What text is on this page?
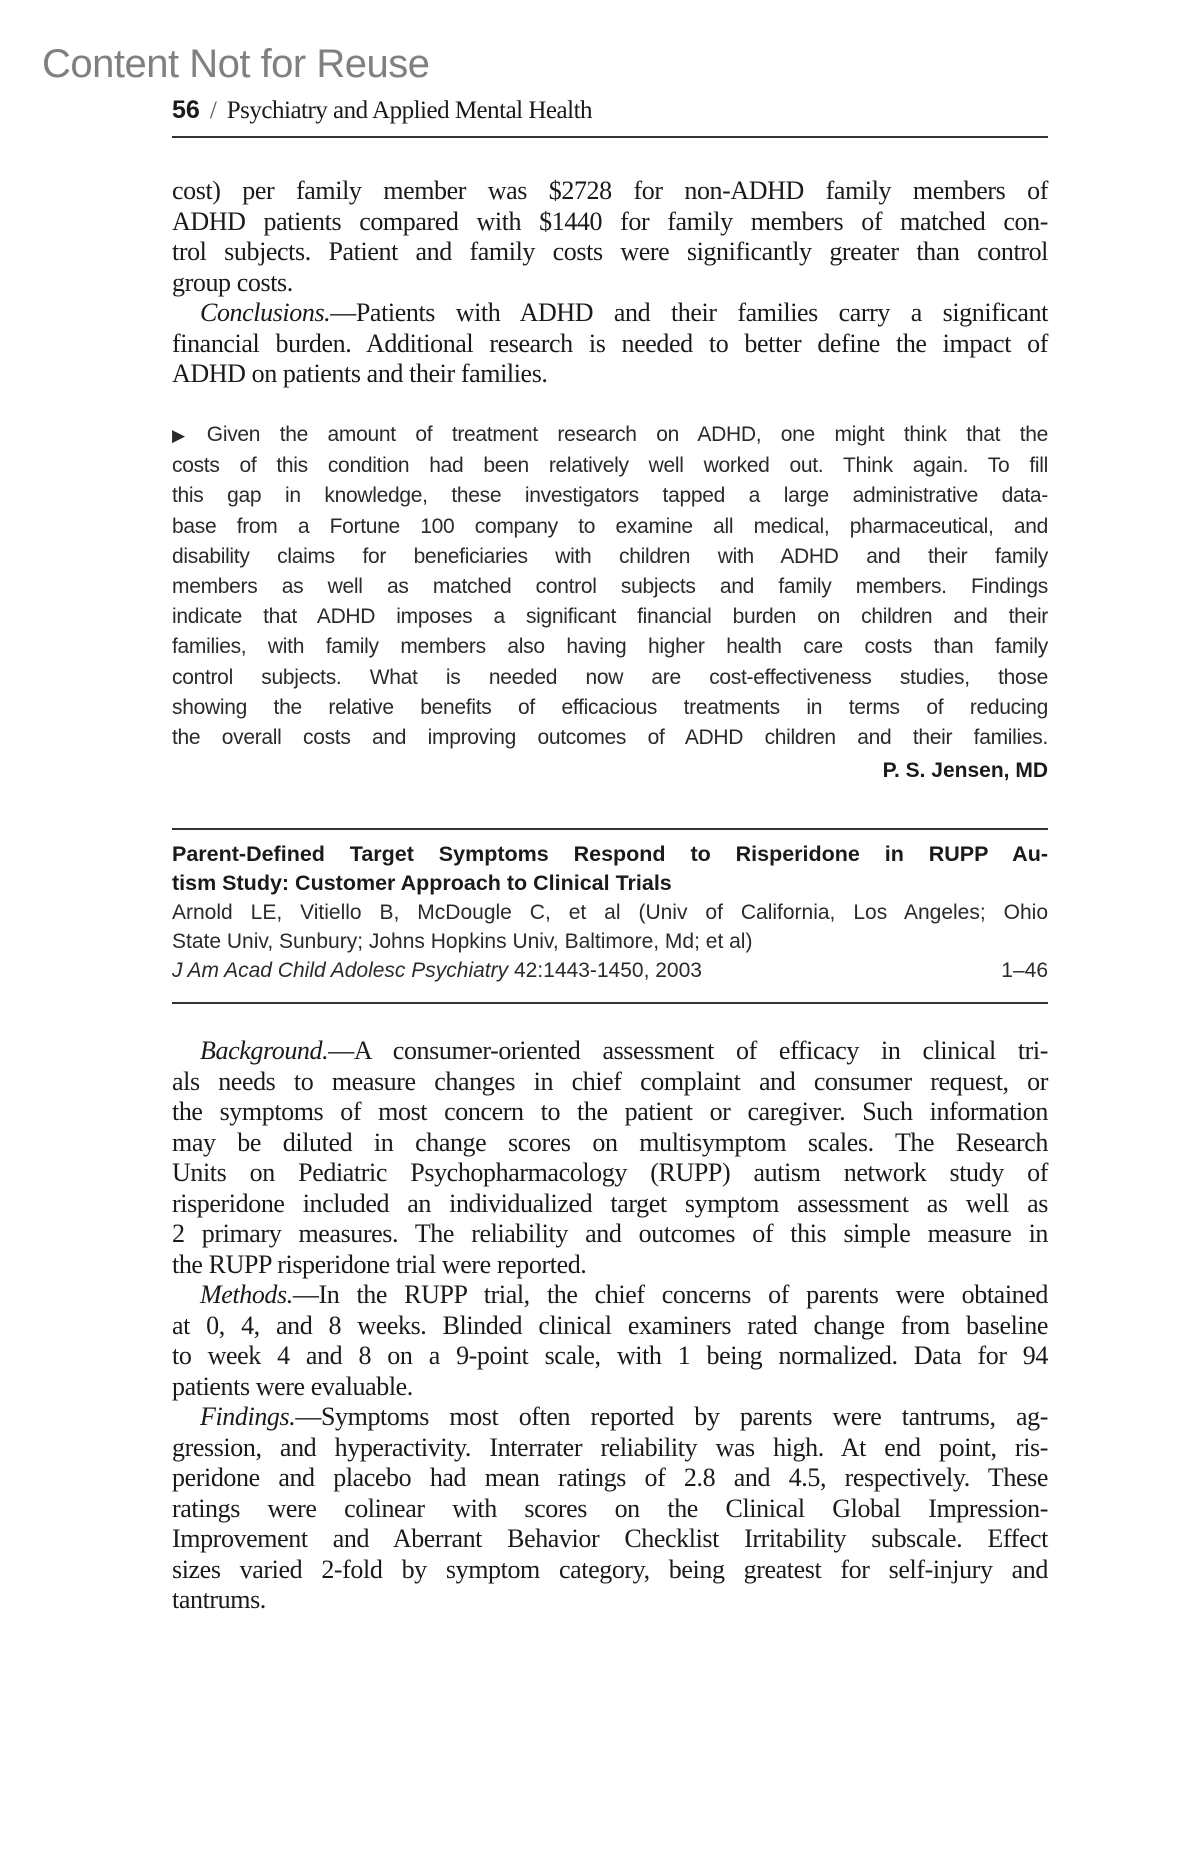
Content Not for Reuse
56 / Psychiatry and Applied Mental Health
cost) per family member was $2728 for non-ADHD family members of
ADHD patients compared with $1440 for family members of matched con-
trol subjects. Patient and family costs were significantly greater than control
group costs.
Conclusions.—Patients with ADHD and their families carry a significant
financial burden. Additional research is needed to better define the impact of
ADHD on patients and their families.
▶ Given the amount of treatment research on ADHD, one might think that the
costs of this condition had been relatively well worked out. Think again. To fill
this gap in knowledge, these investigators tapped a large administrative data-
base from a Fortune 100 company to examine all medical, pharmaceutical, and
disability claims for beneficiaries with children with ADHD and their family
members as well as matched control subjects and family members. Findings
indicate that ADHD imposes a significant financial burden on children and their
families, with family members also having higher health care costs than family
control subjects. What is needed now are cost-effectiveness studies, those
showing the relative benefits of efficacious treatments in terms of reducing
the overall costs and improving outcomes of ADHD children and their families.
P. S. Jensen, MD
Parent-Defined Target Symptoms Respond to Risperidone in RUPP Au-
tism Study: Customer Approach to Clinical Trials
Arnold LE, Vitiello B, McDougle C, et al (Univ of California, Los Angeles; Ohio
State Univ, Sunbury; Johns Hopkins Univ, Baltimore, Md; et al)
J Am Acad Child Adolesc Psychiatry 42:1443-1450, 2003	1–46
Background.—A consumer-oriented assessment of efficacy in clinical tri-
als needs to measure changes in chief complaint and consumer request, or
the symptoms of most concern to the patient or caregiver. Such information
may be diluted in change scores on multisymptom scales. The Research
Units on Pediatric Psychopharmacology (RUPP) autism network study of
risperidone included an individualized target symptom assessment as well as
2 primary measures. The reliability and outcomes of this simple measure in
the RUPP risperidone trial were reported.
Methods.—In the RUPP trial, the chief concerns of parents were obtained
at 0, 4, and 8 weeks. Blinded clinical examiners rated change from baseline
to week 4 and 8 on a 9-point scale, with 1 being normalized. Data for 94
patients were evaluable.
Findings.—Symptoms most often reported by parents were tantrums, ag-
gression, and hyperactivity. Interrater reliability was high. At end point, ris-
peridone and placebo had mean ratings of 2.8 and 4.5, respectively. These
ratings were colinear with scores on the Clinical Global Impression-
Improvement and Aberrant Behavior Checklist Irritability subscale. Effect
sizes varied 2-fold by symptom category, being greatest for self-injury and
tantrums.
